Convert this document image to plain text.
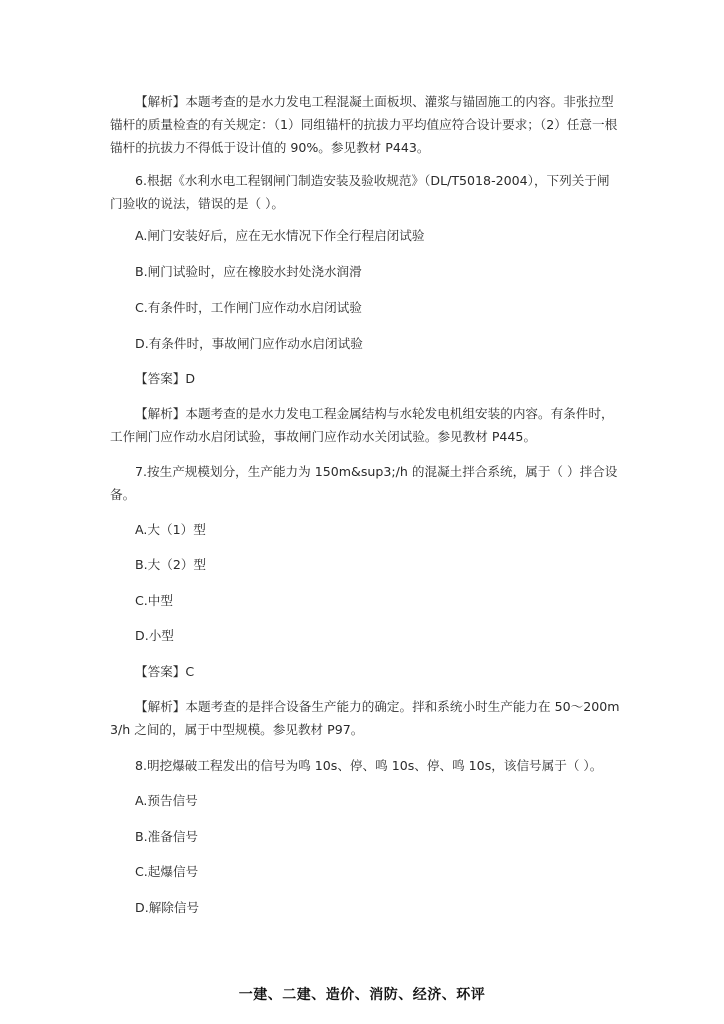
【解析】本题考查的是水力发电工程混凝土面板坝、灌浆与锚固施工的内容。非张拉型锚杆的质量检查的有关规定：（1）同组锚杆的抗拔力平均值应符合设计要求；（2）任意一根锚杆的抗拔力不得低于设计值的 90%。参见教材 P443。

6.根据《水利水电工程钢闸门制造安装及验收规范》（DL/T5018-2004），下列关于闸门验收的说法，错误的是（ ）。

A.闸门安装好后，应在无水情况下作全行程启闭试验

B.闸门试验时，应在橡胶水封处浇水润滑

C.有条件时，工作闸门应作动水启闭试验

D.有条件时，事故闸门应作动水启闭试验

【答案】D

【解析】本题考查的是水力发电工程金属结构与水轮发电机组安装的内容。有条件时，工作闸门应作动水启闭试验，事故闸门应作动水关闭试验。参见教材 P445。

7.按生产规模划分，生产能力为 150m&sup3;/h 的混凝土拌合系统，属于（ ）拌合设备。

A.大（1）型

B.大（2）型

C.中型

D.小型

【答案】C

【解析】本题考查的是拌合设备生产能力的确定。拌和系统小时生产能力在 50～200m3/h 之间的，属于中型规模。参见教材 P97。

8.明挖爆破工程发出的信号为鸣 10s、停、鸣 10s、停、鸣 10s，该信号属于（ ）。

A.预告信号

B.准备信号

C.起爆信号

D.解除信号

一建、二建、造价、消防、经济、环评
